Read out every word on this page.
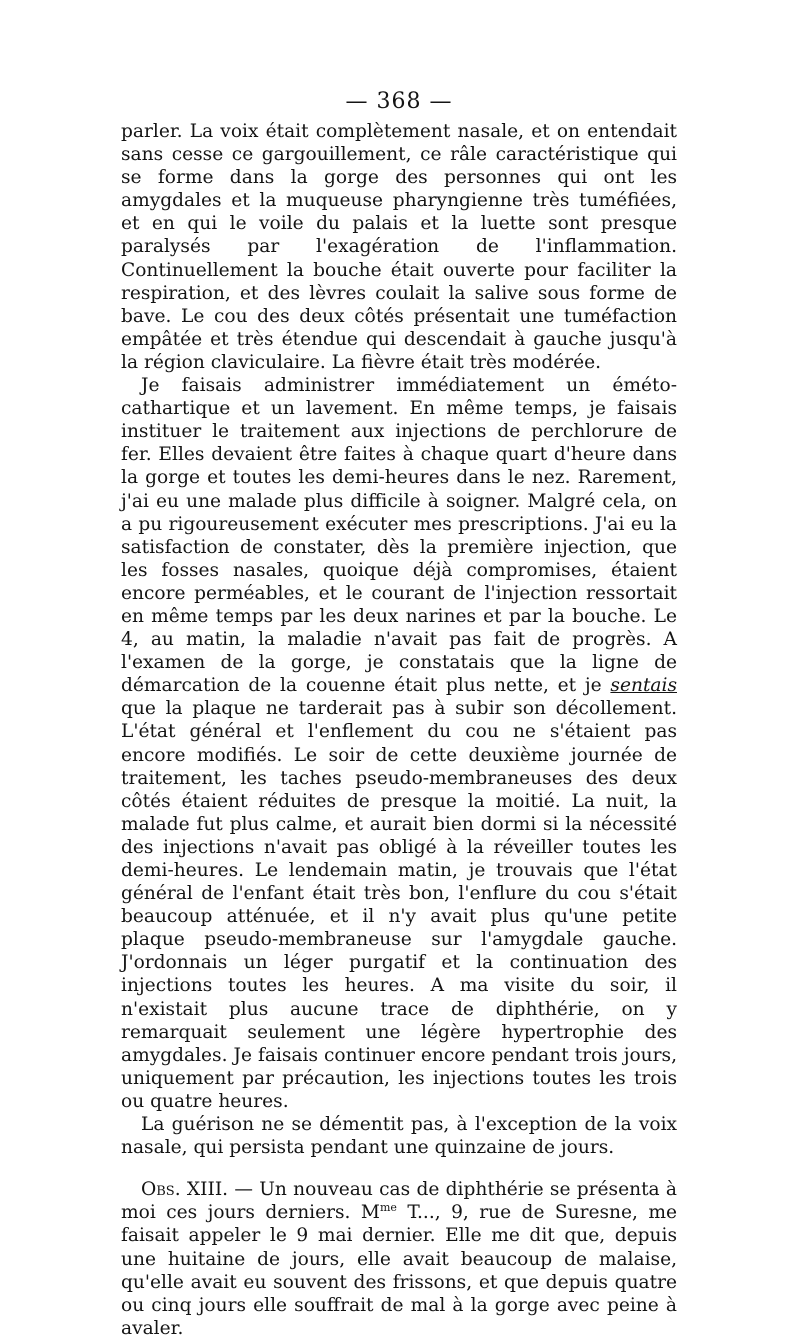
— 368 —

parler. La voix était complètement nasale, et on entendait sans cesse ce gargouillement, ce râle caractéristique qui se forme dans la gorge des personnes qui ont les amygdales et la muqueuse pharyngienne très tuméfiées, et en qui le voile du palais et la luette sont presque paralysés par l'exagération de l'inflammation. Continuellement la bouche était ouverte pour faciliter la respiration, et des lèvres coulait la salive sous forme de bave. Le cou des deux côtés présentait une tuméfaction empâtée et très étendue qui descendait à gauche jusqu'à la région claviculaire. La fièvre était très modérée.

Je faisais administrer immédiatement un éméto-cathartique et un lavement. En même temps, je faisais instituer le traitement aux injections de perchlorure de fer. Elles devaient être faites à chaque quart d'heure dans la gorge et toutes les demi-heures dans le nez. Rarement, j'ai eu une malade plus difficile à soigner. Malgré cela, on a pu rigoureusement exécuter mes prescriptions. J'ai eu la satisfaction de constater, dès la première injection, que les fosses nasales, quoique déjà compromises, étaient encore perméables, et le courant de l'injection ressortait en même temps par les deux narines et par la bouche. Le 4, au matin, la maladie n'avait pas fait de progrès. A l'examen de la gorge, je constatais que la ligne de démarcation de la couenne était plus nette, et je sentais que la plaque ne tarderait pas à subir son décollement. L'état général et l'enflement du cou ne s'étaient pas encore modifiés. Le soir de cette deuxième journée de traitement, les taches pseudo-membraneuses des deux côtés étaient réduites de presque la moitié. La nuit, la malade fut plus calme, et aurait bien dormi si la nécessité des injections n'avait pas obligé à la réveiller toutes les demi-heures. Le lendemain matin, je trouvais que l'état général de l'enfant était très bon, l'enflure du cou s'était beaucoup atténuée, et il n'y avait plus qu'une petite plaque pseudo-membraneuse sur l'amygdale gauche. J'ordonnais un léger purgatif et la continuation des injections toutes les heures. A ma visite du soir, il n'existait plus aucune trace de diphthérie, on y remarquait seulement une légère hypertrophie des amygdales. Je faisais continuer encore pendant trois jours, uniquement par précaution, les injections toutes les trois ou quatre heures.

La guérison ne se démentit pas, à l'exception de la voix nasale, qui persista pendant une quinzaine de jours.

Obs. XIII. — Un nouveau cas de diphthérie se présenta à moi ces jours derniers. $M^{me}$ T..., 9, rue de Suresne, me faisait appeler le 9 mai dernier. Elle me dit que, depuis une huitaine de jours, elle avait beaucoup de malaise, qu'elle avait eu souvent des frissons, et que depuis quatre ou cinq jours elle souffrait de mal à la gorge avec peine à avaler.
